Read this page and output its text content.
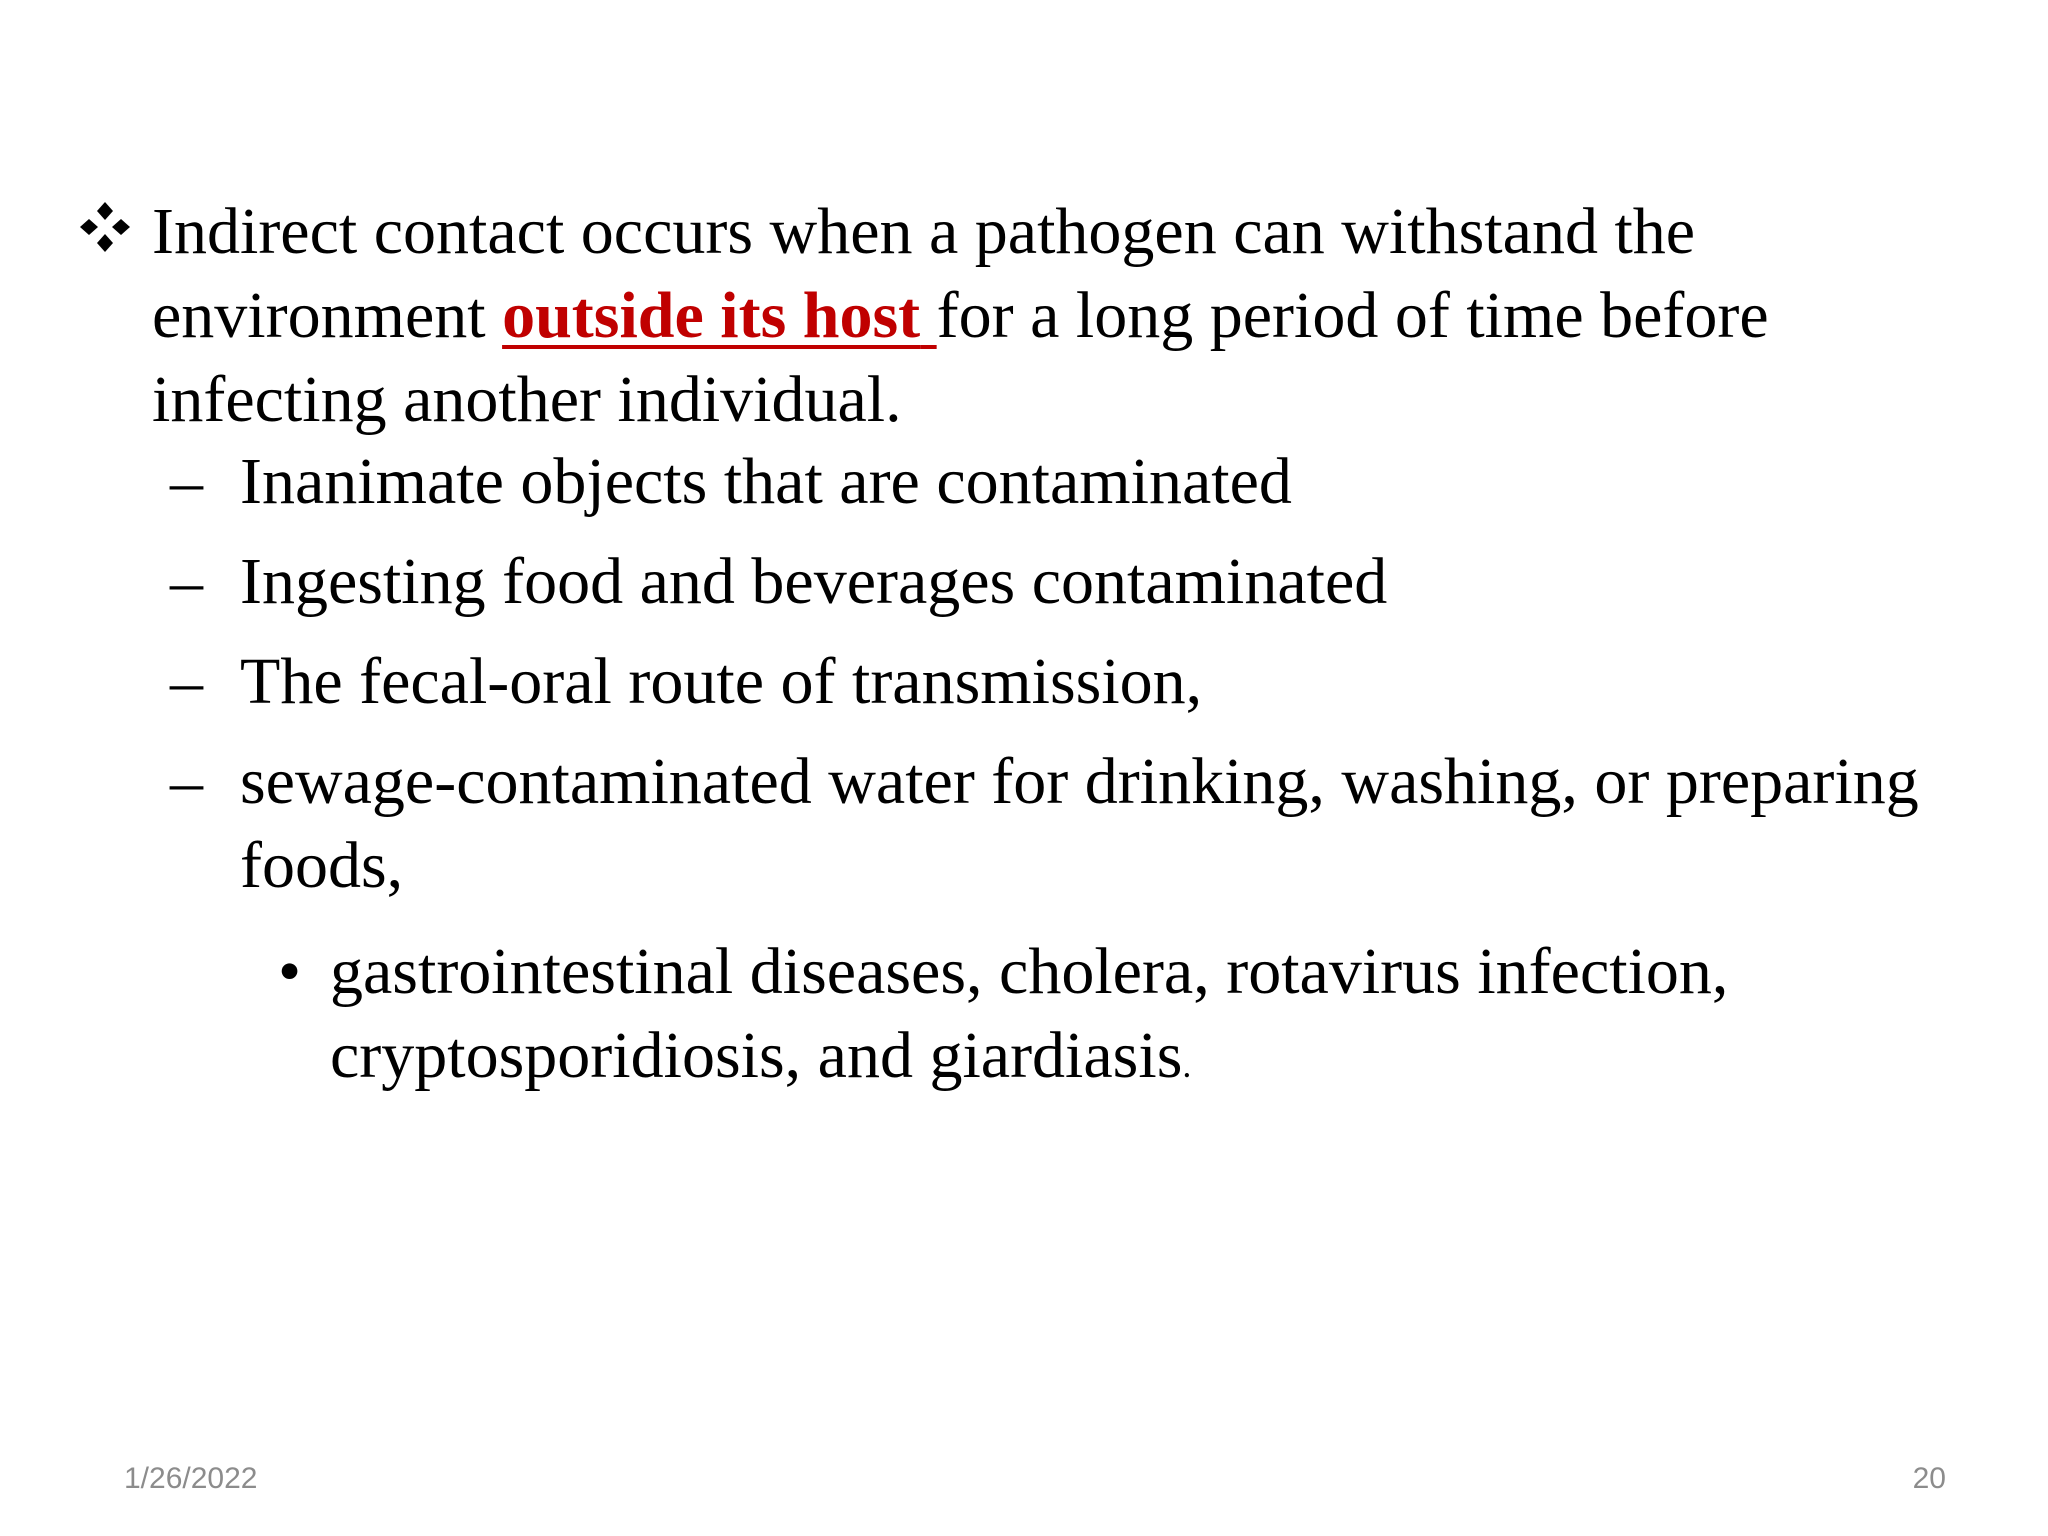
Indirect contact occurs when a pathogen can withstand the environment outside its host for a long period of time before infecting another individual.
– Inanimate objects that are contaminated
– Ingesting food and beverages contaminated
– The fecal-oral route of transmission,
– sewage-contaminated water for drinking, washing, or preparing foods,
• gastrointestinal diseases, cholera, rotavirus infection, cryptosporidiosis, and giardiasis.
1/26/2022	20
